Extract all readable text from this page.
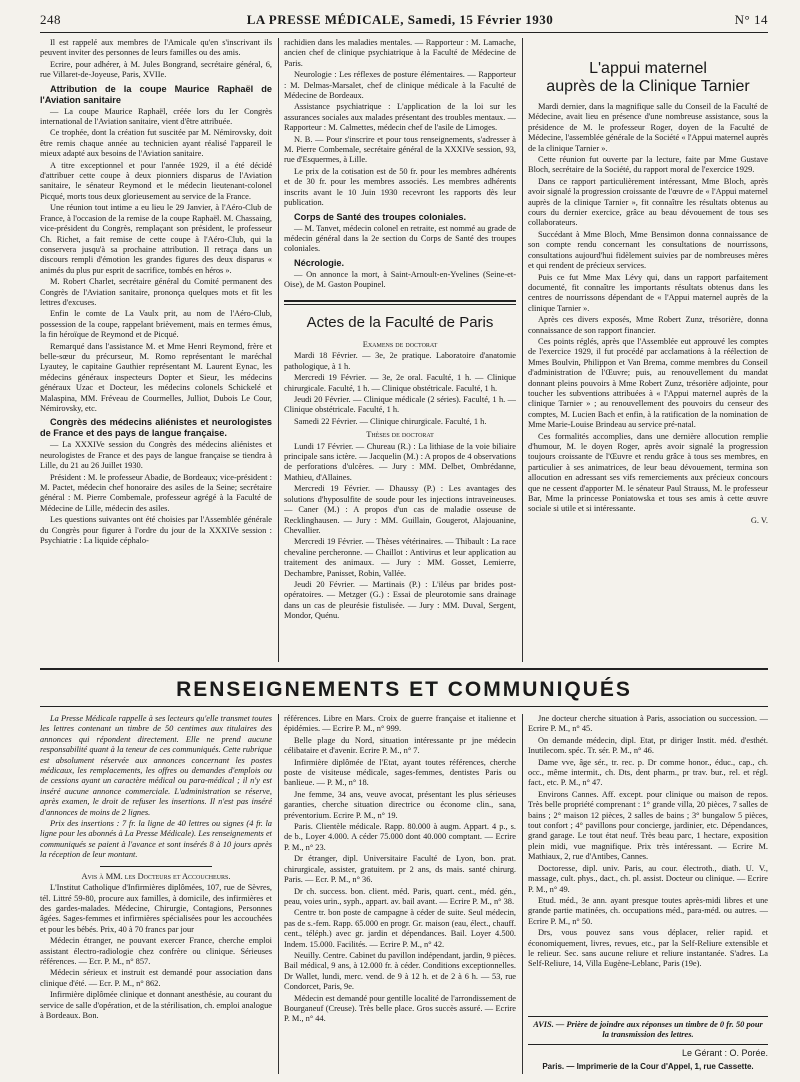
248	LA PRESSE MÉDICALE, Samedi, 15 Février 1930	N° 14

Il est rappelé aux membres de l'Amicale qu'en s'inscrivant ils peuvent inviter des personnes de leurs familles ou des amis.

Ecrire, pour adhérer, à M. Jules Bongrand, secrétaire général, 6, rue Villaret-de-Joyeuse, Paris, XVIIe.

Attribution de la coupe Maurice Raphaël de l'Aviation sanitaire

— La coupe Maurice Raphaël, créée lors du Ier Congrès international de l'Aviation sanitaire, vient d'être attribuée.

Ce trophée, dont la création fut suscitée par M. Némirovsky, doit être remis chaque année au technicien ayant réalisé l'appareil le mieux adapté aux besoins de l'Aviation sanitaire.

A titre exceptionnel et pour l'année 1929, il a été décidé d'attribuer cette coupe à deux pionniers disparus de l'Aviation sanitaire, le sénateur Reymond et le médecin lieutenant-colonel Picqué, morts tous deux glorieusement au service de la France.

Une réunion tout intime a eu lieu le 29 Janvier, à l'Aéro-Club de France, à l'occasion de la remise de la coupe Raphaël. M. Chassaing, vice-président du Congrès, remplaçant son président, le professeur Ch. Richet, a fait remise de cette coupe à l'Aéro-Club, qui la conservera jusqu'à sa prochaine attribution. Il retraça dans un discours rempli d'émotion les grandes figures des deux disparus « animés du plus pur esprit de sacrifice, tombés en héros ».

M. Robert Charlet, secrétaire général du Comité permanent des Congrès de l'Aviation sanitaire, prononça quelques mots et fit les lettres d'excuses.

Enfin le comte de La Vaulx prit, au nom de l'Aéro-Club, possession de la coupe, rappelant brièvement, mais en termes émus, la fin héroïque de Reymond et de Picqué.

Remarqué dans l'assistance M. et Mme Henri Reymond, frère et belle-sœur du précurseur, M. Romo représentant le maréchal Lyautey, le capitaine Gauthier représentant M. Laurent Eynac, les médecins généraux inspecteurs Dopter et Sieur, les médecins généraux Uzac et Docteur, les médecins colonels Schickelé et Malaspina, MM. Fréveau de Courmelles, Julliot, Dubois Le Cour, Némirovsky, etc.

Congrès des médecins aliénistes et neurologistes de France et des pays de langue française.

— La XXXIVe session du Congrès des médecins aliénistes et neurologistes de France et des pays de langue française se tiendra à Lille, du 21 au 26 Juillet 1930.

Président : M. le professeur Abadie, de Bordeaux; vice-président : M. Pactet, médecin chef honoraire des asiles de la Seine; secrétaire général : M. Pierre Combemale, professeur agrégé à la Faculté de Médecine de Lille, médecin des asiles.

Les questions suivantes ont été choisies par l'Assemblée générale du Congrès pour figurer à l'ordre du jour de la XXXIVe session : Psychiatrie : La liquide céphalo-

rachidien dans les maladies mentales. — Rapporteur : M. Lamache, ancien chef de clinique psychiatrique à la Faculté de Médecine de Paris.

Neurologie : Les réflexes de posture élémentaires. — Rapporteur : M. Delmas-Marsalet, chef de clinique médicale à la Faculté de Médecine de Bordeaux.

Assistance psychiatrique : L'application de la loi sur les assurances sociales aux malades présentant des troubles mentaux. — Rapporteur : M. Calmettes, médecin chef de l'asile de Limoges.

N. B. — Pour s'inscrire et pour tous renseignements, s'adresser à M. Pierre Combemale, secrétaire général de la XXXIVe session, 93, rue d'Esquermes, à Lille.

Le prix de la cotisation est de 50 fr. pour les membres adhérents et de 30 fr. pour les membres associés. Les membres adhérents inscrits avant le 10 Juin 1930 recevront les rapports dès leur publication.

Corps de Santé des troupes coloniales.

— M. Tanvet, médecin colonel en retraite, est nommé au grade de médecin général dans la 2e section du Corps de Santé des troupes coloniales.

Nécrologie.

— On annonce la mort, à Saint-Arnoult-en-Yvelines (Seine-et-Oise), de M. Gaston Poupinel.

Actes de la Faculté de Paris

Examens de doctorat

Mardi 18 Février. — 3e, 2e pratique. Laboratoire d'anatomie pathologique, à 1 h.

Mercredi 19 Février. — 3e, 2e oral. Faculté, 1 h. — Clinique chirurgicale. Faculté, 1 h. — Clinique obstétricale. Faculté, 1 h.

Jeudi 20 Février. — Clinique médicale (2 séries). Faculté, 1 h. — Clinique obstétricale. Faculté, 1 h.

Samedi 22 Février. — Clinique chirurgicale. Faculté, 1 h.

Thèses de doctorat

Lundi 17 Février. — Chureau (R.) : La lithiase de la voie biliaire principale sans ictère. — Jacquelin (M.) : A propos de 4 observations de perforations d'ulcères. — Jury : MM. Delbet, Ombrédanne, Mathieu, d'Allaines.

Mercredi 19 Février. — Dhaussy (P.) : Les avantages des solutions d'hyposulfite de soude pour les injections intraveineuses. — Caner (M.) : A propos d'un cas de maladie osseuse de Recklinghausen. — Jury : MM. Guillain, Gougerot, Alajouanine, Chevallier.

Mercredi 19 Février. — Thèses vétérinaires. — Thibault : La race chevaline percheronne. — Chaillot : Antivirus et leur application au traitement des animaux. — Jury : MM. Gosset, Lemierre, Dechambre, Panisset, Robin, Vallée.

Jeudi 20 Février. — Martinais (P.) : L'iléus par brides post-opératoires. — Metzger (G.) : Essai de pleurotomie sans drainage dans un cas de pleurésie fistulisée. — Jury : MM. Duval, Sergent, Mondor, Quénu.

L'appui maternel
auprès de la Clinique Tarnier

Mardi dernier, dans la magnifique salle du Conseil de la Faculté de Médecine, avait lieu en présence d'une nombreuse assistance, sous la présidence de M. le professeur Roger, doyen de la Faculté de Médecine, l'assemblée générale de la Société « l'Appui maternel auprès de la clinique Tarnier ».

Cette réunion fut ouverte par la lecture, faite par Mme Gustave Bloch, secrétaire de la Société, du rapport moral de l'exercice 1929.

Dans ce rapport particulièrement intéressant, Mme Bloch, après avoir signalé la progression croissante de l'œuvre de « l'Appui maternel auprès de la clinique Tarnier », fit connaître les résultats obtenus au cours du dernier exercice, grâce au beau dévouement de tous ses collaborateurs.

Succédant à Mme Bloch, Mme Bensimon donna connaissance de son compte rendu concernant les consultations de nourrissons, consultations aujourd'hui fidèlement suivies par de nombreuses mères et qui rendent de précieux services.

Puis ce fut Mme Max Lévy qui, dans un rapport parfaitement documenté, fit connaître les importants résultats obtenus dans les centres de nourrissons dépendant de « l'Appui maternel auprès de la clinique Tarnier ».

Après ces divers exposés, Mme Robert Zunz, trésorière, donna connaissance de son rapport financier.

Ces points réglés, après que l'Assemblée eut approuvé les comptes de l'exercice 1929, il fut procédé par acclamations à la réélection de Mmes Boulvin, Philippon et Van Brema, comme membres du Conseil d'administration de l'Œuvre; puis, au renouvellement du mandat donnant pleins pouvoirs à Mme Robert Zunz, trésorière adjointe, pour toucher les subventions attribuées à « l'Appui maternel auprès de la clinique Tarnier » ; au renouvellement des pouvoirs du censeur des comptes, M. Lucien Bach et enfin, à la ratification de la nomination de Mme Marie-Louise Brindeau au service pré-natal.

Ces formalités accomplies, dans une dernière allocution remplie d'humour, M. le doyen Roger, après avoir signalé la progression toujours croissante de l'Œuvre et rendu grâce à tous ses membres, en particulier à ses animatrices, de leur beau dévouement, termina son allocution en adressant ses vifs remerciements aux précieux concours que ne cessent d'apporter M. le sénateur Paul Strauss, M. le professeur Bar, Mme la princesse Poniatowska et tous ses amis à cette œuvre sociale si utile et si intéressante.

G. V.

RENSEIGNEMENTS ET COMMUNIQUÉS

La Presse Médicale rappelle à ses lecteurs qu'elle transmet toutes les lettres contenant un timbre de 50 centimes aux titulaires des annonces qui répondent directement. Elle ne prend aucune responsabilité quant à la teneur de ces communiqués. Cette rubrique est absolument réservée aux annonces concernant les postes médicaux, les remplacements, les offres ou demandes d'emplois ou de cessions ayant un caractère médical ou para-médical ; il n'y est inséré aucune annonce commerciale. L'administration se réserve, après examen, le droit de refuser les insertions. Il n'est pas inséré d'annonces de moins de 2 lignes.

Prix des insertions : 7 fr. la ligne de 40 lettres ou signes (4 fr. la ligne pour les abonnés à La Presse Médicale). Les renseignements et communiqués se paient à l'avance et sont insérés 8 à 10 jours après la réception de leur montant.

Avis à MM. les Docteurs et Accoucheurs.

L'Institut Catholique d'Infirmières diplômées, 107, rue de Sèvres, tél. Littré 59-80, procure aux familles, à domicile, des infirmières et des gardes-malades. Médecine, Chirurgie, Contagions, Personnes âgées. Sages-femmes et infirmières spécialisées pour les accouchées et pour les bébés. Prix, 40 à 70 francs par jour

Médecin étranger, ne pouvant exercer France, cherche emploi assistant électro-radiologie chez confrère ou clinique. Sérieuses références. — Ecr. P. M., n° 857.

Médecin sérieux et instruit est demandé pour association dans clinique d'été. — Ecr. P. M., n° 862.

Infirmière diplômée clinique et donnant anesthésie, au courant du service de salle d'opération, et de la stérilisation, ch. emploi analogue à Bordeaux. Bon.

références. Libre en Mars. Croix de guerre française et italienne et épidémies. — Ecrire P. M., n° 999.

Belle plage du Nord, situation intéressante pr jne médecin célibataire et d'avenir. Ecrire P. M., n° 7.

Infirmière diplômée de l'Etat, ayant toutes références, cherche poste de visiteuse médicale, sages-femmes, dentistes Paris ou banlieue. — P. M., n° 18.

Jne femme, 34 ans, veuve avocat, présentant les plus sérieuses garanties, cherche situation directrice ou économe clin., sana, préventorium. Ecrire P. M., n° 19.

Paris. Clientèle médicale. Rapp. 80.000 à augm. Appart. 4 p., s. de b., Loyer 4.000. A céder 75.000 dont 40.000 comptant. — Ecrire P. M., n° 23.

Dr étranger, dipl. Universitaire Faculté de Lyon, bon. prat. chirurgicale, assister, gratuitem. pr 2 ans, ds mais. santé chirurg. Paris. — Ecr. P. M., n° 36.

Dr ch. success. bon. client. méd. Paris, quart. cent., méd. gén., peau, voies urin., syph., appart. av. bail avant. — Ecrire P. M., n° 38.

Centre tr. bon poste de campagne à céder de suite. Seul médecin, pas de s.-fem. Rapp. 65.000 en progr. Gr. maison (eau, élect., chauff. cent., téléph.) avec gr. jardin et dépendances. Bail. Loyer 4.500. Indem. 15.000. Facilités. — Ecrire P. M., n° 42.

Neuilly. Centre. Cabinet du pavillon indépendant, jardin, 9 pièces. Bail médical, 9 ans, à 12.000 fr. à céder. Conditions exceptionnelles. Dr Wallet, lundi, merc. vend. de 9 à 12 h. et de 2 à 6 h. — 53, rue Condorcet, Paris, 9e.

Médecin est demandé pour gentille localité de l'arrondissement de Bourganeuf (Creuse). Très belle place. Gros succès assuré. — Ecrire P. M., n° 44.

Jne docteur cherche situation à Paris, association ou succession. — Ecrire P. M., n° 45.

On demande médecin, dipl. Etat, pr diriger Instit. méd. d'esthét. Inutilecom. spéc. Tr. sér. P. M., n° 46.

Dame vve, âge sér., tr. rec. p. Dr comme honor., éduc., cap., ch. occ., même intermit., ch. Dts, dent pharm., pr trav. bur., rel. et régl. fact., etc. P. M., n° 47.

Environs Cannes. Aff. except. pour clinique ou maison de repos. Très belle propriété comprenant : 1° grande villa, 20 pièces, 7 salles de bains ; 2° maison 12 pièces, 2 salles de bains ; 3° bungalow 5 pièces, tout confort ; 4° pavillons pour concierge, jardinier, etc. Dépendances, grand garage. Le tout état neuf. Très beau parc, 1 hectare, exposition plein midi, vue magnifique. Prix très intéressant. — Ecrire M. Mathiaux, 2, rue d'Antibes, Cannes.

Doctoresse, dipl. univ. Paris, au cour. électroth., diath. U. V., massage, cult. phys., dact., ch. pl. assist. Docteur ou clinique. — Ecrire P. M., n° 49.

Etud. méd., 3e ann. ayant presque toutes après-midi libres et une grande partie matinées, ch. occupations méd., para-méd. ou autres. — Ecrire P. M., n° 50.

Drs, vous pouvez sans vous déplacer, relier rapid. et économiquement, livres, revues, etc., par la Self-Reliure extensible et le relieur. Sec. sans aucune reliure et reliure instantanée. S'adres. La Self-Reliure, 14, Villa Eugène-Leblanc, Paris (19e).

AVIS. — Prière de joindre aux réponses un timbre de 0 fr. 50 pour la transmission des lettres.
Le Gérant : O. Porée.
Paris. — Imprimerie de la Cour d'Appel, 1, rue Cassette.
